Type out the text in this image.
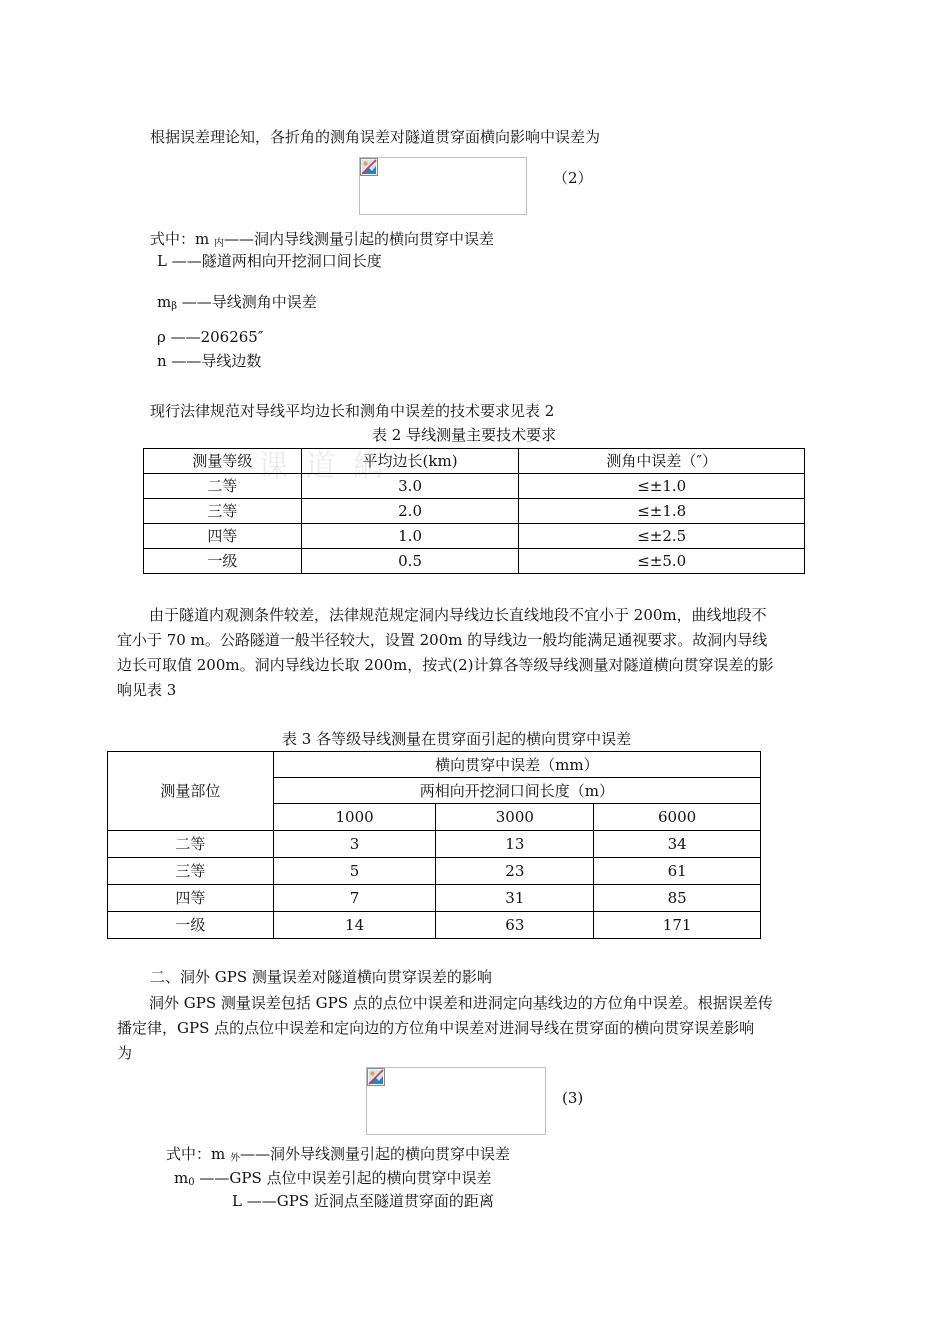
根据误差理论知，各折角的测角误差对隧道贯穿面横向影响中误差为
（2）
式中：m $_内$——洞内导线测量引起的横向贯穿中误差
L ——隧道两相向开挖洞口间长度
$m_\beta$ ——导线测角中误差
ρ ——206265″
n ——导线边数
现行法律规范对导线平均边长和测角中误差的技术要求见表 2
表 2 导线测量主要技术要求
课 道 網
测量等级	平均边长(km)	测角中误差（″）
二等	3.0	≤±1.0
三等	2.0	≤±1.8
四等	1.0	≤±2.5
一级	0.5	≤±5.0
由于隧道内观测条件较差，法律规范规定洞内导线边长直线地段不宜小于 200m，曲线地段不
宜小于 70 m。公路隧道一般半径较大，设置 200m 的导线边一般均能满足通视要求。故洞内导线
边长可取值 200m。洞内导线边长取 200m，按式(2)计算各等级导线测量对隧道横向贯穿误差的影
响见表 3
表 3 各等级导线测量在贯穿面引起的横向贯穿中误差
测量部位	横向贯穿中误差（mm）		
	两相向开挖洞口间长度（m）		
	1000	3000	6000
二等	3	13	34
三等	5	23	61
四等	7	31	85
一级	14	63	171
二、洞外 GPS 测量误差对隧道横向贯穿误差的影响
洞外 GPS 测量误差包括 GPS 点的点位中误差和进洞定向基线边的方位角中误差。根据误差传
播定律，GPS 点的点位中误差和定向边的方位角中误差对进洞导线在贯穿面的横向贯穿误差影响
为
(3)
式中：m $_外$——洞外导线测量引起的横向贯穿中误差
$m_0$ ——GPS 点位中误差引起的横向贯穿中误差
L ——GPS 近洞点至隧道贯穿面的距离
